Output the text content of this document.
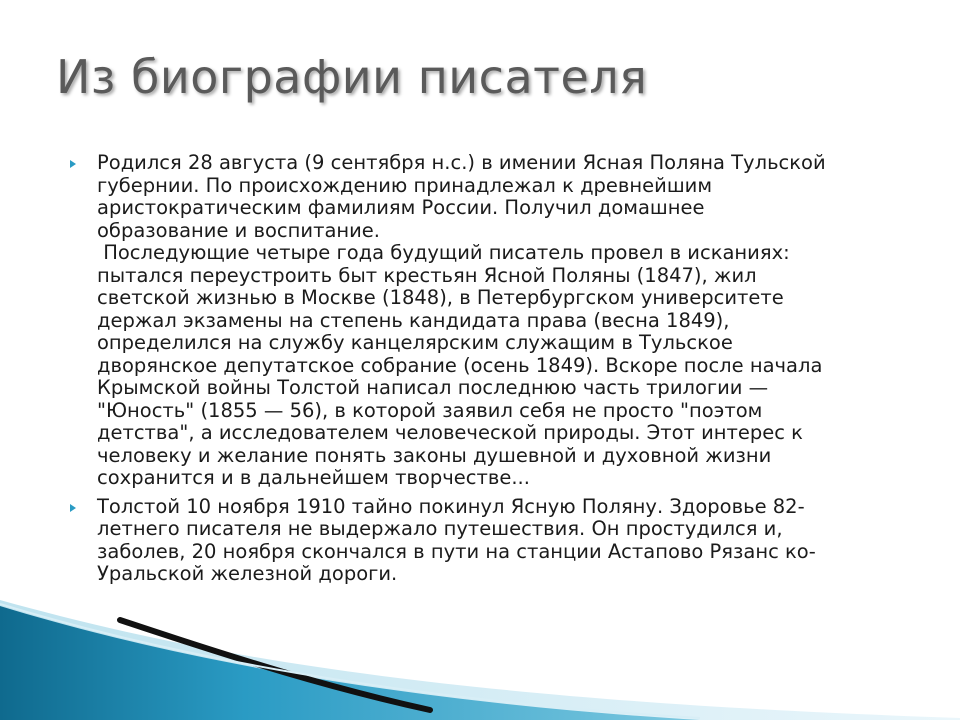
Из биографии писателя
Родился 28 августа (9 сентября н.с.) в имении Ясная Поляна Тульской
губернии. По происхождению принадлежал к древнейшим
аристократическим фамилиям России. Получил домашнее
образование и воспитание.
Последующие четыре года будущий писатель провел в исканиях:
пытался переустроить быт крестьян Ясной Поляны (1847), жил
светской жизнью в Москве (1848), в Петербургском университете
держал экзамены на степень кандидата права (весна 1849),
определился на службу канцелярским служащим в Тульское
дворянское депутатское собрание (осень 1849). Вскоре после начала
Крымской войны Толстой написал последнюю часть трилогии —
"Юность" (1855 — 56), в которой заявил себя не просто "поэтом
детства", а исследователем человеческой природы. Этот интерес к
человеку и желание понять законы душевной и духовной жизни
сохранится и в дальнейшем творчестве...
Толстой 10 ноября 1910 тайно покинул Ясную Поляну. Здоровье 82-
летнего писателя не выдержало путешествия. Он простудился и,
заболев, 20 ноября скончался в пути на станции Астапово Рязанс ко-
Уральской железной дороги.
